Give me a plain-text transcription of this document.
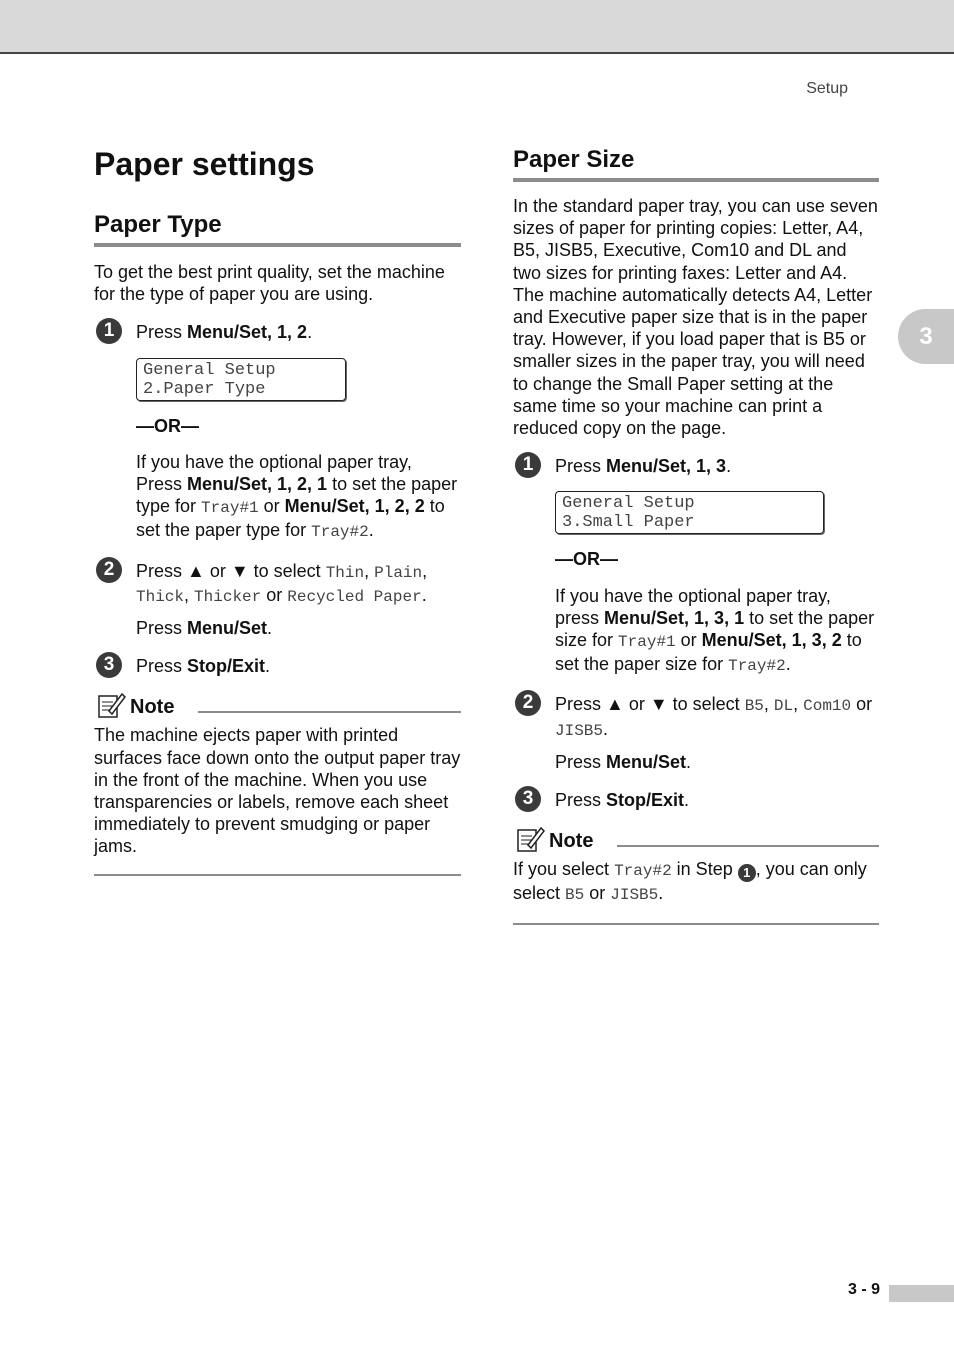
Setup
3
Paper settings
Paper Type

To get the best print quality, set the machine for the type of paper you are using.

1	Press Menu/Set, 1, 2.

General Setup
2.Paper Type

—OR—

If you have the optional paper tray, Press Menu/Set, 1, 2, 1 to set the paper type for Tray#1 or Menu/Set, 1, 2, 2 to set the paper type for Tray#2.

2	Press ▲ or ▼ to select Thin, Plain, Thick, Thicker or Recycled Paper.

Press Menu/Set.

3	Press Stop/Exit.

Note

The machine ejects paper with printed surfaces face down onto the output paper tray in the front of the machine. When you use transparencies or labels, remove each sheet immediately to prevent smudging or paper jams.

Paper Size

In the standard paper tray, you can use seven sizes of paper for printing copies: Letter, A4, B5, JISB5, Executive, Com10 and DL and two sizes for printing faxes: Letter and A4. The machine automatically detects A4, Letter and Executive paper size that is in the paper tray. However, if you load paper that is B5 or smaller sizes in the paper tray, you will need to change the Small Paper setting at the same time so your machine can print a reduced copy on the page.

1	Press Menu/Set, 1, 3.

General Setup
3.Small Paper

—OR—

If you have the optional paper tray, press Menu/Set, 1, 3, 1 to set the paper size for Tray#1 or Menu/Set, 1, 3, 2 to set the paper size for Tray#2.

2	Press ▲ or ▼ to select B5, DL, Com10 or JISB5.

Press Menu/Set.

3	Press Stop/Exit.

Note

If you select Tray#2 in Step 1 , you can only select B5 or JISB5.

3 - 9
